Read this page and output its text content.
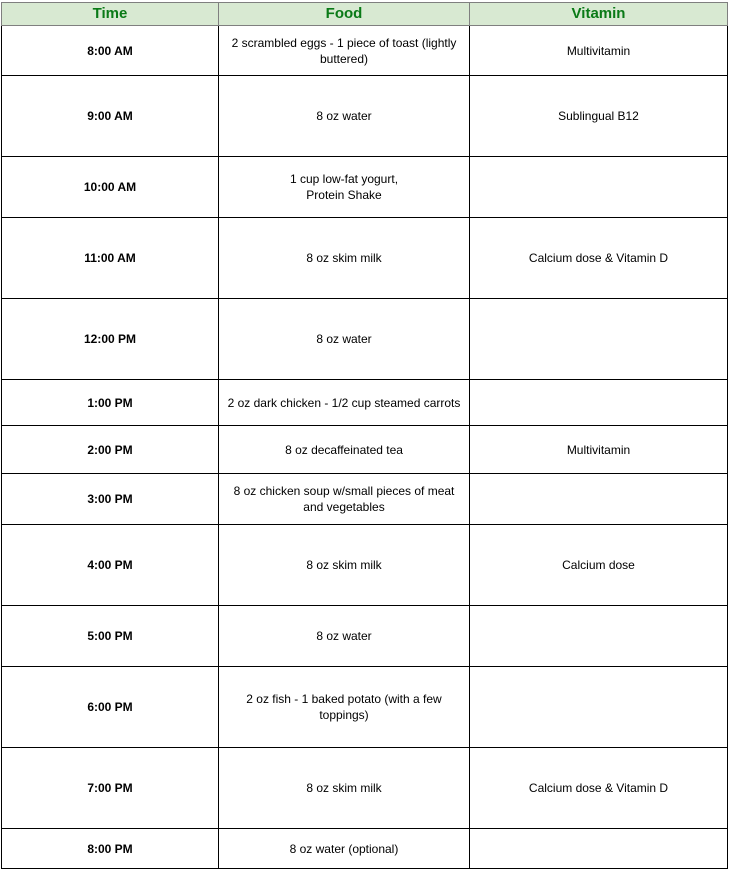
Time	Food	Vitamin
8:00 AM	2 scrambled eggs - 1 piece of toast (lightly
buttered)	Multivitamin
9:00 AM	8 oz water	Sublingual B12
10:00 AM	1 cup low-fat yogurt,
Protein Shake	

11:00 AM	8 oz skim milk	Calcium dose & Vitamin D
12:00 PM	8 oz water	

1:00 PM	2 oz dark chicken - 1/2 cup steamed carrots	

2:00 PM	8 oz decaffeinated tea	Multivitamin
3:00 PM	8 oz chicken soup w/small pieces of meat
and vegetables	

4:00 PM	8 oz skim milk	Calcium dose
5:00 PM	8 oz water	

6:00 PM	2 oz fish - 1 baked potato (with a few
toppings)	

7:00 PM	8 oz skim milk	Calcium dose & Vitamin D
8:00 PM	8 oz water (optional)	
